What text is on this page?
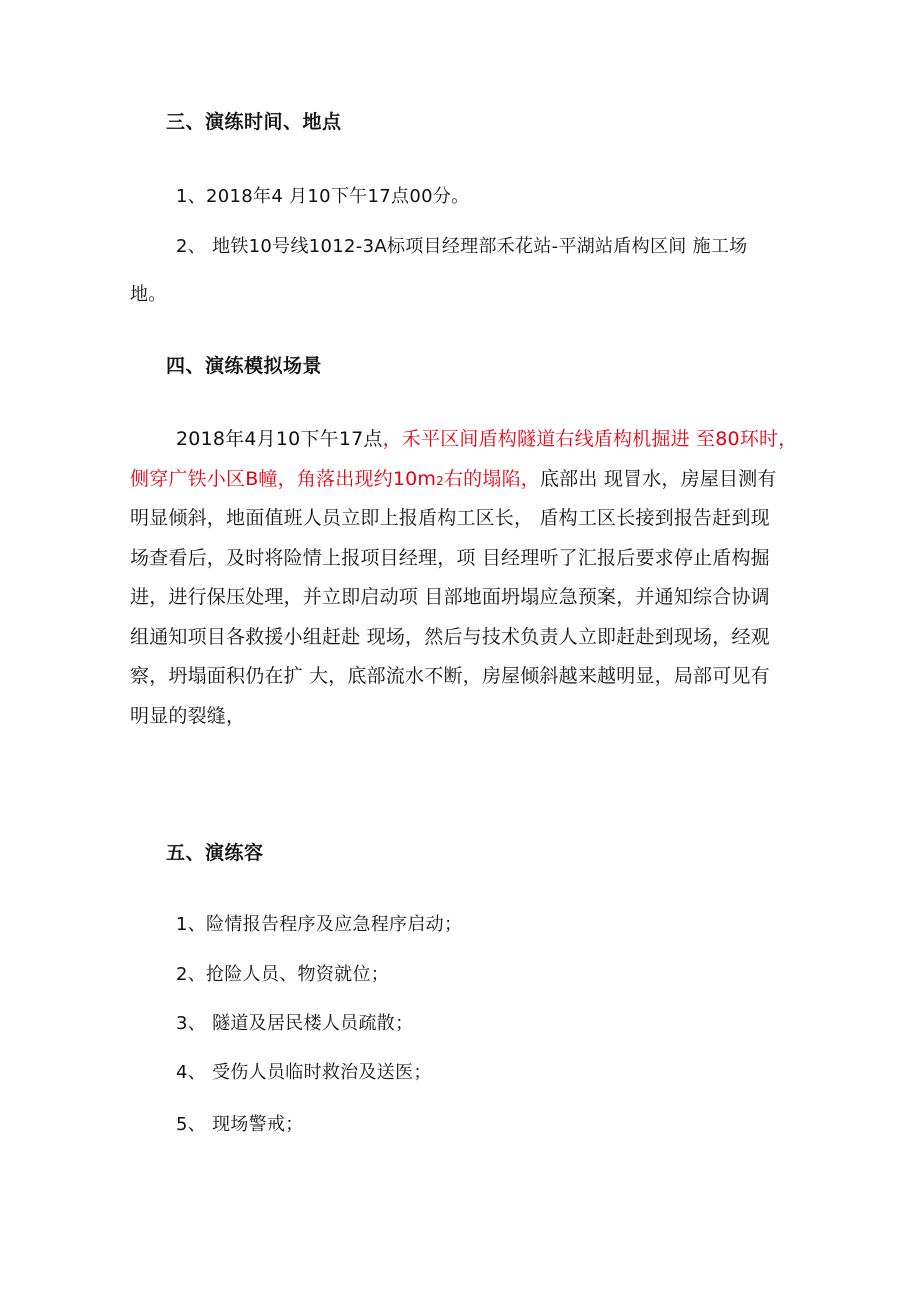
三、演练时间、地点
1、2018年4 月10下午17点00分。
2、 地铁10号线1012-3A标项目经理部禾花站-平湖站盾构区间 施工场
地。
四、演练模拟场景
2018年4月10下午17点，禾平区间盾构隧道右线盾构机掘进 至80环时，
侧穿广铁小区B幢，角落出现约10m2右的塌陷，底部出 现冒水，房屋目测有
明显倾斜，地面值班人员立即上报盾构工区长， 盾构工区长接到报告赶到现
场查看后，及时将险情上报项目经理，项 目经理听了汇报后要求停止盾构掘
进，进行保压处理，并立即启动项 目部地面坍塌应急预案，并通知综合协调
组通知项目各救援小组赶赴 现场，然后与技术负责人立即赶赴到现场，经观
察，坍塌面积仍在扩 大，底部流水不断，房屋倾斜越来越明显，局部可见有
明显的裂缝，
五、演练容
1、险情报告程序及应急程序启动；
2、抢险人员、物资就位；
3、 隧道及居民楼人员疏散；
4、 受伤人员临时救治及送医；
5、 现场警戒；
